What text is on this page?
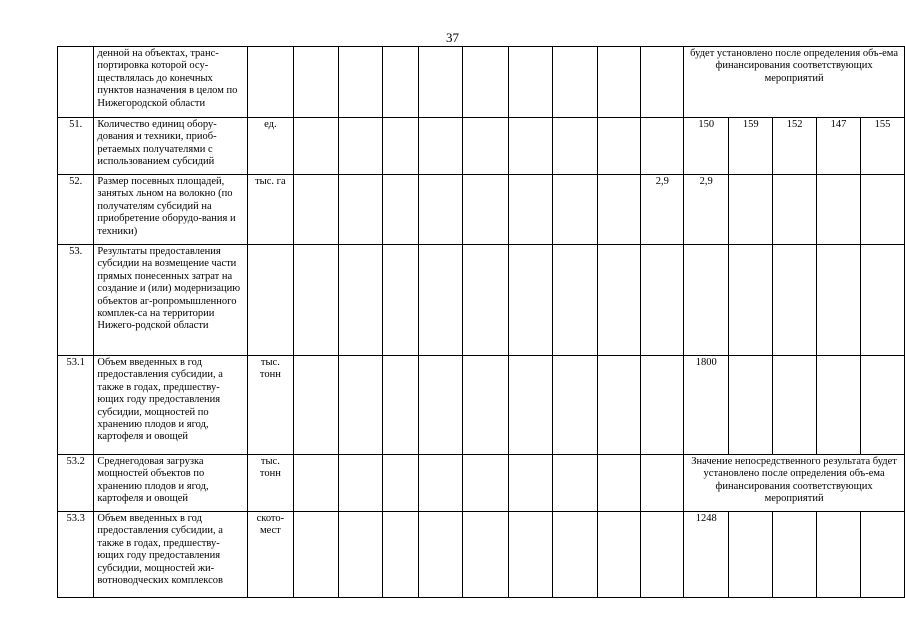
37
	денной на объектах, транс-портировка которой осу-ществлялась до конечных пунктов назначения в целом по Нижегородской области											будет установлено после определения объ-ема финансирования соответствующих мероприятий				
51.	Количество единиц обору-дования и техники, приоб-ретаемых получателями с использованием субсидий	ед.										150	159	152	147	155
52.	Размер посевных площадей, занятых льном на волокно (по получателям субсидий на приобретение оборудо-вания и техники)	тыс. га									2,9	2,9				
53.	Результаты предоставления субсидии на возмещение части прямых понесенных затрат на создание и (или) модернизацию объектов аг-ропромышленного комплек-са на территории Нижего-родской области															
53.1	Объем введенных в год предоставления субсидии, а также в годах, предшеству-ющих году предоставления субсидии, мощностей по хранению плодов и ягод, картофеля и овощей	тыс. тонн										1800				
53.2	Среднегодовая загрузка мощностей объектов по хранению плодов и ягод, картофеля и овощей	тыс. тонн										Значение непосредственного результата будет установлено после определения объ-ема финансирования соответствующих мероприятий				
53.3	Объем введенных в год предоставления субсидии, а также в годах, предшеству-ющих году предоставления субсидии, мощностей жи-вотноводческих комплексов	ското-мест										1248				
